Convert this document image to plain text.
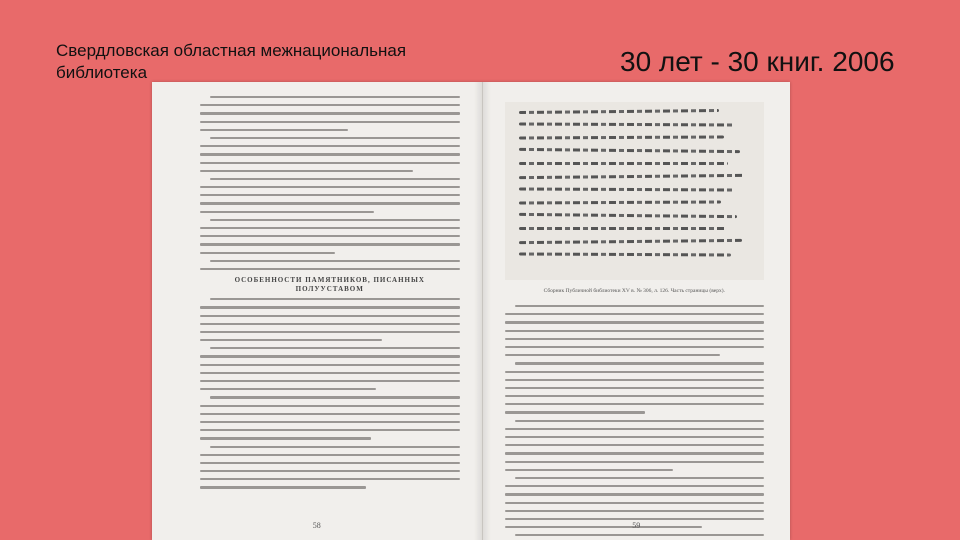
Свердловская областная межнациональная библиотека	30 лет - 30 книг. 2006
ОСОБЕННОСТИ ПАМЯТНИКОВ, ПИСАННЫХ ПОЛУУСТАВОМ
58
Сборник Публичной библиотеки XV в. № 306, л. 126. Часть страницы (верх).
59
